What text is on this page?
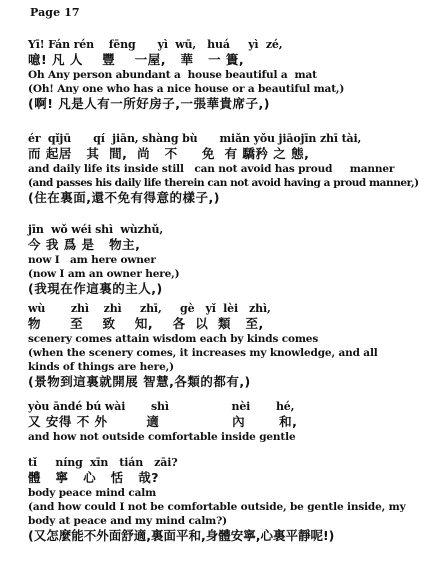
Page 17
Yī! Fán rén    fēng      yì  wū,   huá     yì  zé,
噫! 凡 人    豐    一屋,   華   一 簣,
Oh Any person abundant a  house beautiful a  mat
(Oh! Any one who has a nice house or a beautiful mat,)
(啊! 凡是人有一所好房子,一張華貴席子,)
ér  qǐjū      qí  jiān, shàng bù      miǎn yǒu jiāojīn zhī tài,
而 起居   其  間,  尚   不     免  有 驕矜 之 態,
and daily life its inside still   can not avoid has proud     manner
(and passes his daily life therein can not avoid having a proud manner,)
(住在裏面,還不免有得意的樣子,)
jīn  wǒ wéi shì  wùzhǔ,
今 我 爲 是   物主,
now I   am here owner
(now I am an owner here,)
(我現在作這裏的主人,)
wù       zhì    zhì     zhī,     gè   yǐ  lèi   zhì,
物      至    致    知,    各  以  類   至,
scenery comes attain wisdom each by kinds comes
(when the scenery comes, it increases my knowledge, and all kinds of things are here,)
(景物到這裏就開展 智慧,各類的都有,)
yòu āndé bú wài       shì                 nèi       hé,
又 安得 不 外        適               內       和,
and how not outside comfortable inside gentle
tǐ     níng  xīn   tián   zāi?
體   寧   心   恬   哉?
body peace mind calm
(and how could I not be comfortable outside, be gentle inside, my body at peace and my mind calm?)
(又怎麼能不外面舒適,裏面平和,身體安寧,心裏平靜呢!)
